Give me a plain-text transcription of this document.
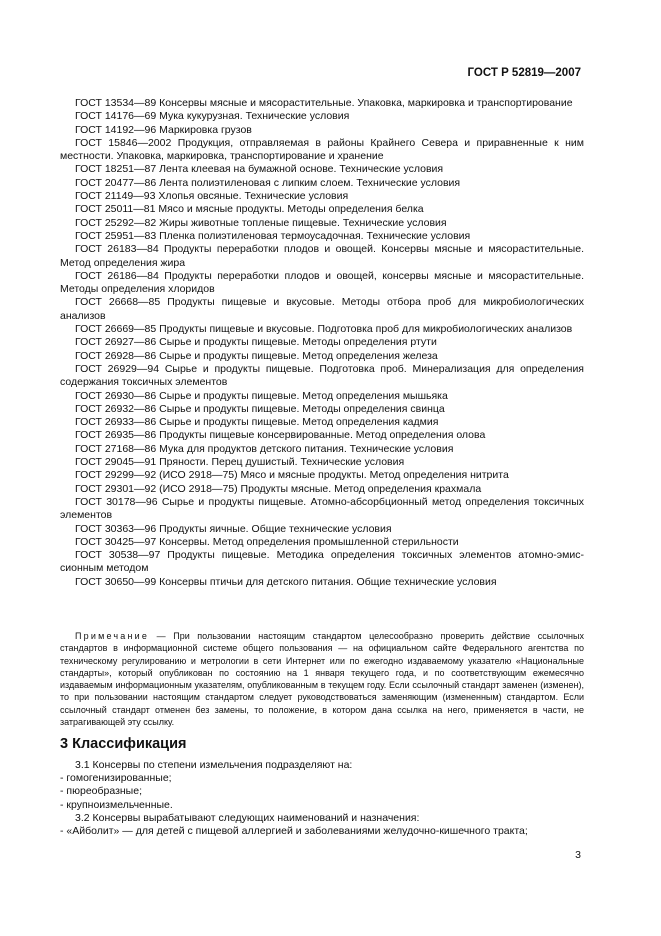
ГОСТ Р 52819—2007
ГОСТ 13534—89 Консервы мясные и мясорастительные. Упаковка, маркировка и транспортирование
ГОСТ 14176—69 Мука кукурузная. Технические условия
ГОСТ 14192—96 Маркировка грузов
ГОСТ 15846—2002 Продукция, отправляемая в районы Крайнего Севера и приравненные к ним местности. Упаковка, маркировка, транспортирование и хранение
ГОСТ 18251—87 Лента клеевая на бумажной основе. Технические условия
ГОСТ 20477—86 Лента полиэтиленовая с липким слоем. Технические условия
ГОСТ 21149—93 Хлопья овсяные. Технические условия
ГОСТ 25011—81 Мясо и мясные продукты. Методы определения белка
ГОСТ 25292—82 Жиры животные топленые пищевые. Технические условия
ГОСТ 25951—83 Пленка полиэтиленовая термоусадочная. Технические условия
ГОСТ 26183—84 Продукты переработки плодов и овощей. Консервы мясные и мясорастительные. Метод определения жира
ГОСТ 26186—84 Продукты переработки плодов и овощей, консервы мясные и мясорастительные. Методы определения хлоридов
ГОСТ 26668—85 Продукты пищевые и вкусовые. Методы отбора проб для микробиологических анализов
ГОСТ 26669—85 Продукты пищевые и вкусовые. Подготовка проб для микробиологических анализов
ГОСТ 26927—86 Сырье и продукты пищевые. Методы определения ртути
ГОСТ 26928—86 Сырье и продукты пищевые. Метод определения железа
ГОСТ 26929—94 Сырье и продукты пищевые. Подготовка проб. Минерализация для определения содержания токсичных элементов
ГОСТ 26930—86 Сырье и продукты пищевые. Метод определения мышьяка
ГОСТ 26932—86 Сырье и продукты пищевые. Методы определения свинца
ГОСТ 26933—86 Сырье и продукты пищевые. Метод определения кадмия
ГОСТ 26935—86 Продукты пищевые консервированные. Метод определения олова
ГОСТ 27168—86 Мука для продуктов детского питания. Технические условия
ГОСТ 29045—91 Пряности. Перец душистый. Технические условия
ГОСТ 29299—92 (ИСО 2918—75) Мясо и мясные продукты. Метод определения нитрита
ГОСТ 29301—92 (ИСО 2918—75) Продукты мясные. Метод определения крахмала
ГОСТ 30178—96 Сырье и продукты пищевые. Атомно-абсорбционный метод определения токсичных элементов
ГОСТ 30363—96 Продукты яичные. Общие технические условия
ГОСТ 30425—97 Консервы. Метод определения промышленной стерильности
ГОСТ 30538—97 Продукты пищевые. Методика определения токсичных элементов атомно-эмиссионным методом
ГОСТ 30650—99 Консервы птичьи для детского питания. Общие технические условия
Примечание — При пользовании настоящим стандартом целесообразно проверить действие ссылочных стандартов в информационной системе общего пользования — на официальном сайте Федерального агентства по техническому регулированию и метрологии в сети Интернет или по ежегодно издаваемому указателю «Национальные стандарты», который опубликован по состоянию на 1 января текущего года, и по соответствующим ежемесячно издаваемым информационным указателям, опубликованным в текущем году. Если ссылочный стандарт заменен (изменен), то при пользовании настоящим стандартом следует руководствоваться заменяющим (измененным) стандартом. Если ссылочный стандарт отменен без замены, то положение, в котором дана ссылка на него, применяется в части, не затрагивающей эту ссылку.
3 Классификация

3.1 Консервы по степени измельчения подразделяют на:

- гомогенизированные;

- пюреобразные;

- крупноизмельченные.

3.2 Консервы вырабатывают следующих наименований и назначения:

- «Айболит» — для детей с пищевой аллергией и заболеваниями желудочно-кишечного тракта;

3
